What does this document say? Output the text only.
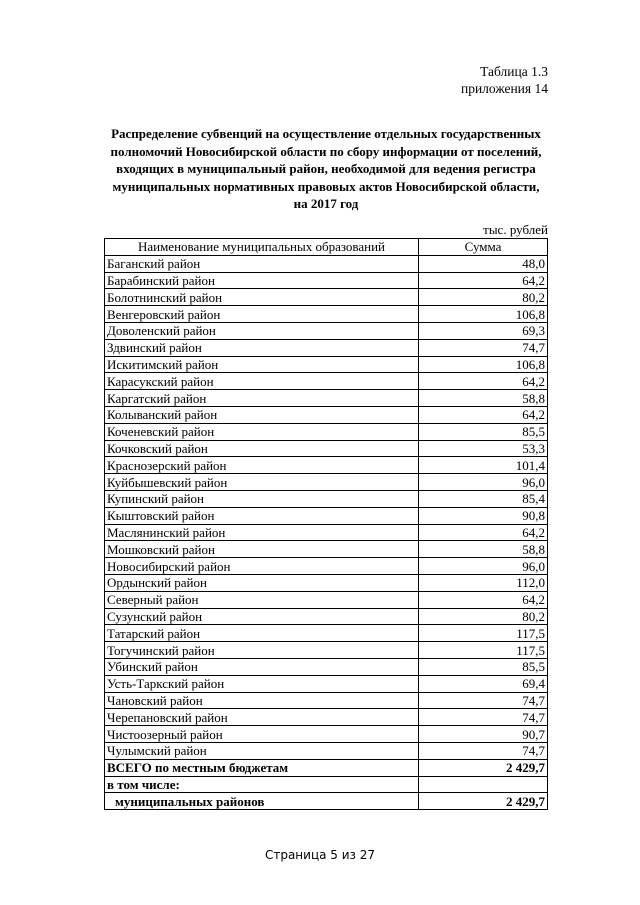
Таблица 1.3
приложения 14
Распределение субвенций на осуществление отдельных государственных
полномочий Новосибирской области по сбору информации от поселений,
входящих в муниципальный район, необходимой для ведения регистра
муниципальных нормативных правовых актов Новосибирской области,
на 2017 год
тыс. рублей
Наименование муниципальных образований	Сумма
Баганский район	48,0
Барабинский район	64,2
Болотнинский район	80,2
Венгеровский район	106,8
Доволенский район	69,3
Здвинский район	74,7
Искитимский район	106,8
Карасукский район	64,2
Каргатский район	58,8
Колыванский район	64,2
Коченевский район	85,5
Кочковский район	53,3
Краснозерский район	101,4
Куйбышевский район	96,0
Купинский район	85,4
Кыштовский район	90,8
Маслянинский район	64,2
Мошковский район	58,8
Новосибирский район	96,0
Ордынский район	112,0
Северный район	64,2
Сузунский район	80,2
Татарский район	117,5
Тогучинский район	117,5
Убинский район	85,5
Усть-Таркский район	69,4
Чановский район	74,7
Черепановский район	74,7
Чистоозерный район	90,7
Чулымский район	74,7
ВСЕГО по местным бюджетам	2 429,7
в том числе:	
муниципальных районов	2 429,7
Страница 5 из 27
